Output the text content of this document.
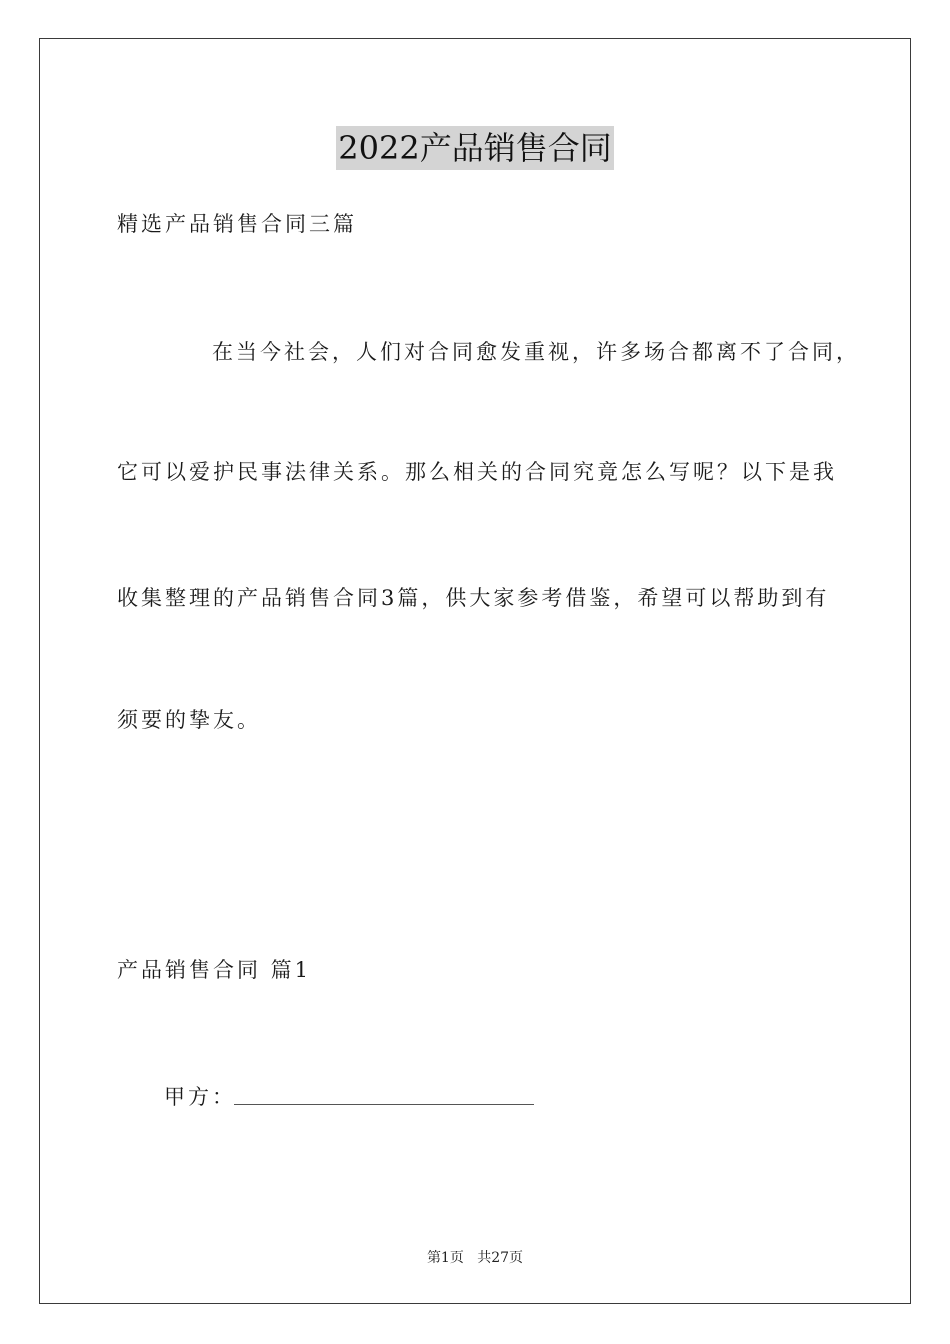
2022产品销售合同
精选产品销售合同三篇
在当今社会，人们对合同愈发重视，许多场合都离不了合同，
它可以爱护民事法律关系。那么相关的合同究竟怎么写呢？以下是我
收集整理的产品销售合同3篇，供大家参考借鉴，希望可以帮助到有
须要的挚友。
产品销售合同 篇1
甲方：
第1页 共27页
